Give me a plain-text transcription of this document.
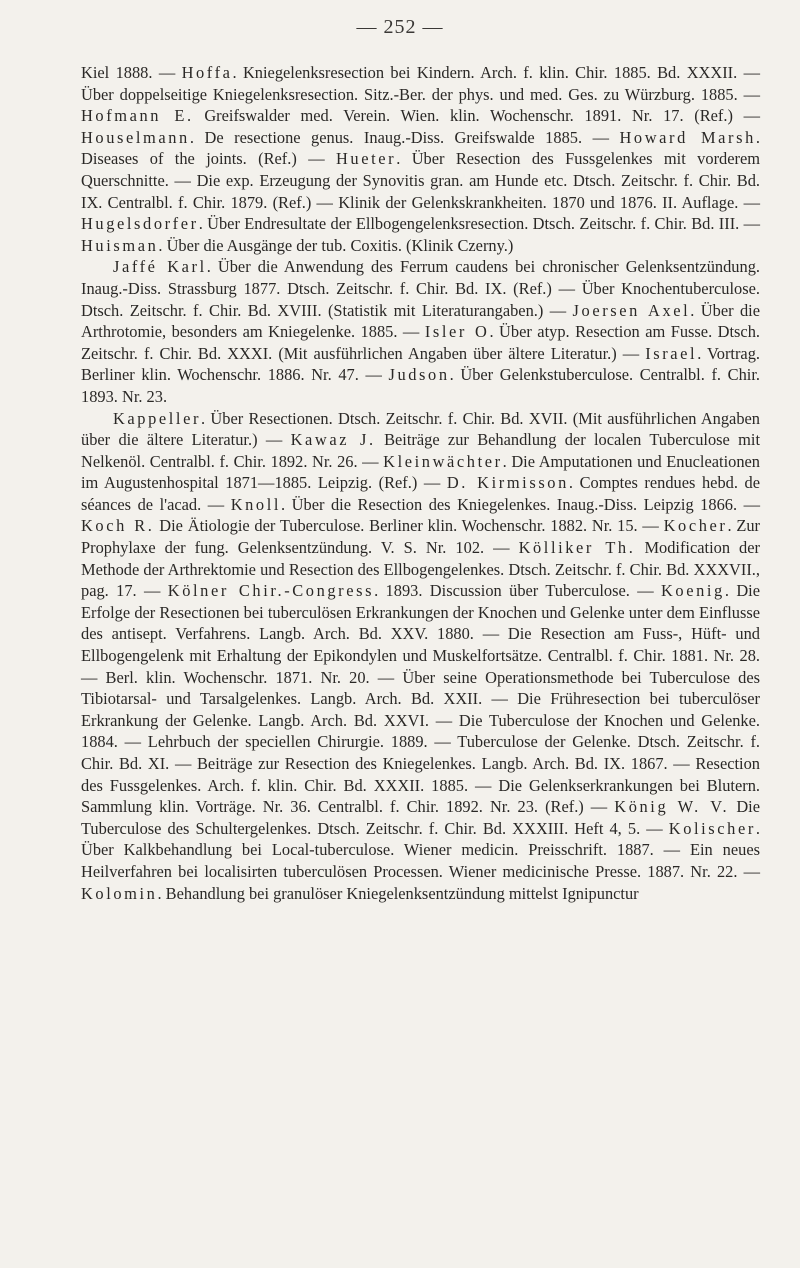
— 252 —

Kiel 1888. — Hoffa. Kniegelenksresection bei Kindern. Arch. f. klin. Chir. 1885. Bd. XXXII. — Über doppelseitige Kniegelenksresection. Sitz.-Ber. der phys. und med. Ges. zu Würzburg. 1885. — Hofmann E. Greifswalder med. Verein. Wien. klin. Wochenschr. 1891. Nr. 17. (Ref.) — Houselmann. De resectione genus. Inaug.-Diss. Greifswalde 1885. — Howard Marsh. Diseases of the joints. (Ref.) — Hueter. Über Resection des Fussgelenkes mit vorderem Querschnitte. — Die exp. Erzeugung der Synovitis gran. am Hunde etc. Dtsch. Zeitschr. f. Chir. Bd. IX. Centralbl. f. Chir. 1879. (Ref.) — Klinik der Gelenkskrankheiten. 1870 und 1876. II. Auflage. — Hugelsdorfer. Über Endresultate der Ellbogengelenksresection. Dtsch. Zeitschr. f. Chir. Bd. III. — Huisman. Über die Ausgänge der tub. Coxitis. (Klinik Czerny.)

Jaffé Karl. Über die Anwendung des Ferrum caudens bei chronischer Gelenksentzündung. Inaug.-Diss. Strassburg 1877. Dtsch. Zeitschr. f. Chir. Bd. IX. (Ref.) — Über Knochentuberculose. Dtsch. Zeitschr. f. Chir. Bd. XVIII. (Statistik mit Literaturangaben.) — Joersen Axel. Über die Arthrotomie, besonders am Kniegelenke. 1885. — Isler O. Über atyp. Resection am Fusse. Dtsch. Zeitschr. f. Chir. Bd. XXXI. (Mit ausführlichen Angaben über ältere Literatur.) — Israel. Vortrag. Berliner klin. Wochenschr. 1886. Nr. 47. — Judson. Über Gelenkstuberculose. Centralbl. f. Chir. 1893. Nr. 23.

Kappeller. Über Resectionen. Dtsch. Zeitschr. f. Chir. Bd. XVII. (Mit ausführlichen Angaben über die ältere Literatur.) — Kawaz J. Beiträge zur Behandlung der localen Tuberculose mit Nelkenöl. Centralbl. f. Chir. 1892. Nr. 26. — Kleinwächter. Die Amputationen und Enucleationen im Augustenhospital 1871—1885. Leipzig. (Ref.) — D. Kirmisson. Comptes rendues hebd. de séances de l'acad. — Knoll. Über die Resection des Kniegelenkes. Inaug.-Diss. Leipzig 1866. — Koch R. Die Ätiologie der Tuberculose. Berliner klin. Wochenschr. 1882. Nr. 15. — Kocher. Zur Prophylaxe der fung. Gelenksentzündung. V. S. Nr. 102. — Kölliker Th. Modification der Methode der Arthrektomie und Resection des Ellbogengelenkes. Dtsch. Zeitschr. f. Chir. Bd. XXXVII., pag. 17. — Kölner Chir.-Congress. 1893. Discussion über Tuberculose. — Koenig. Die Erfolge der Resectionen bei tuberculösen Erkrankungen der Knochen und Gelenke unter dem Einflusse des antisept. Verfahrens. Langb. Arch. Bd. XXV. 1880. — Die Resection am Fuss-, Hüft- und Ellbogengelenk mit Erhaltung der Epikondylen und Muskelfortsätze. Centralbl. f. Chir. 1881. Nr. 28. — Berl. klin. Wochenschr. 1871. Nr. 20. — Über seine Operationsmethode bei Tuberculose des Tibiotarsal- und Tarsalgelenkes. Langb. Arch. Bd. XXII. — Die Frühresection bei tuberculöser Erkrankung der Gelenke. Langb. Arch. Bd. XXVI. — Die Tuberculose der Knochen und Gelenke. 1884. — Lehrbuch der speciellen Chirurgie. 1889. — Tuberculose der Gelenke. Dtsch. Zeitschr. f. Chir. Bd. XI. — Beiträge zur Resection des Kniegelenkes. Langb. Arch. Bd. IX. 1867. — Resection des Fussgelenkes. Arch. f. klin. Chir. Bd. XXXII. 1885. — Die Gelenkserkrankungen bei Blutern. Sammlung klin. Vorträge. Nr. 36. Centralbl. f. Chir. 1892. Nr. 23. (Ref.) — König W. V. Die Tuberculose des Schultergelenkes. Dtsch. Zeitschr. f. Chir. Bd. XXXIII. Heft 4, 5. — Kolischer. Über Kalkbehandlung bei Local-tuberculose. Wiener medicin. Preisschrift. 1887. — Ein neues Heilverfahren bei localisirten tuberculösen Processen. Wiener medicinische Presse. 1887. Nr. 22. — Kolomin. Behandlung bei granulöser Kniegelenksentzündung mittelst Ignipunctur
